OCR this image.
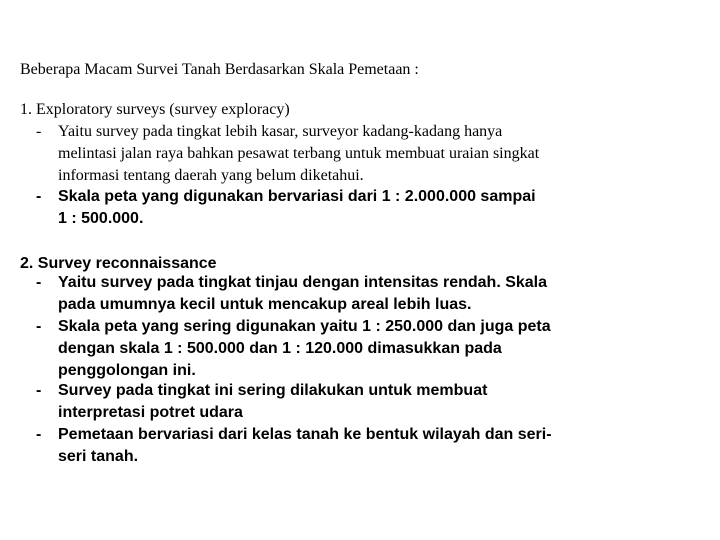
Beberapa Macam Survei Tanah Berdasarkan Skala Pemetaan :
1. Exploratory surveys (survey exploracy)
-	Yaitu survey pada tingkat lebih kasar, surveyor kadang-kadang hanya
melintasi jalan raya bahkan pesawat terbang untuk membuat uraian singkat
informasi tentang daerah yang belum diketahui.
-	Skala peta yang digunakan bervariasi dari 1 : 2.000.000 sampai
1 : 500.000.
2. Survey reconnaissance
-	Yaitu survey pada tingkat tinjau dengan intensitas rendah. Skala
pada umumnya kecil untuk mencakup areal lebih luas.
-	Skala peta yang sering digunakan yaitu 1 : 250.000 dan juga peta
dengan skala 1 : 500.000 dan 1 : 120.000 dimasukkan pada
penggolongan ini.
-	Survey pada tingkat ini sering dilakukan untuk membuat
interpretasi potret udara
-	Pemetaan bervariasi dari kelas tanah ke bentuk wilayah dan seri-
seri tanah.
